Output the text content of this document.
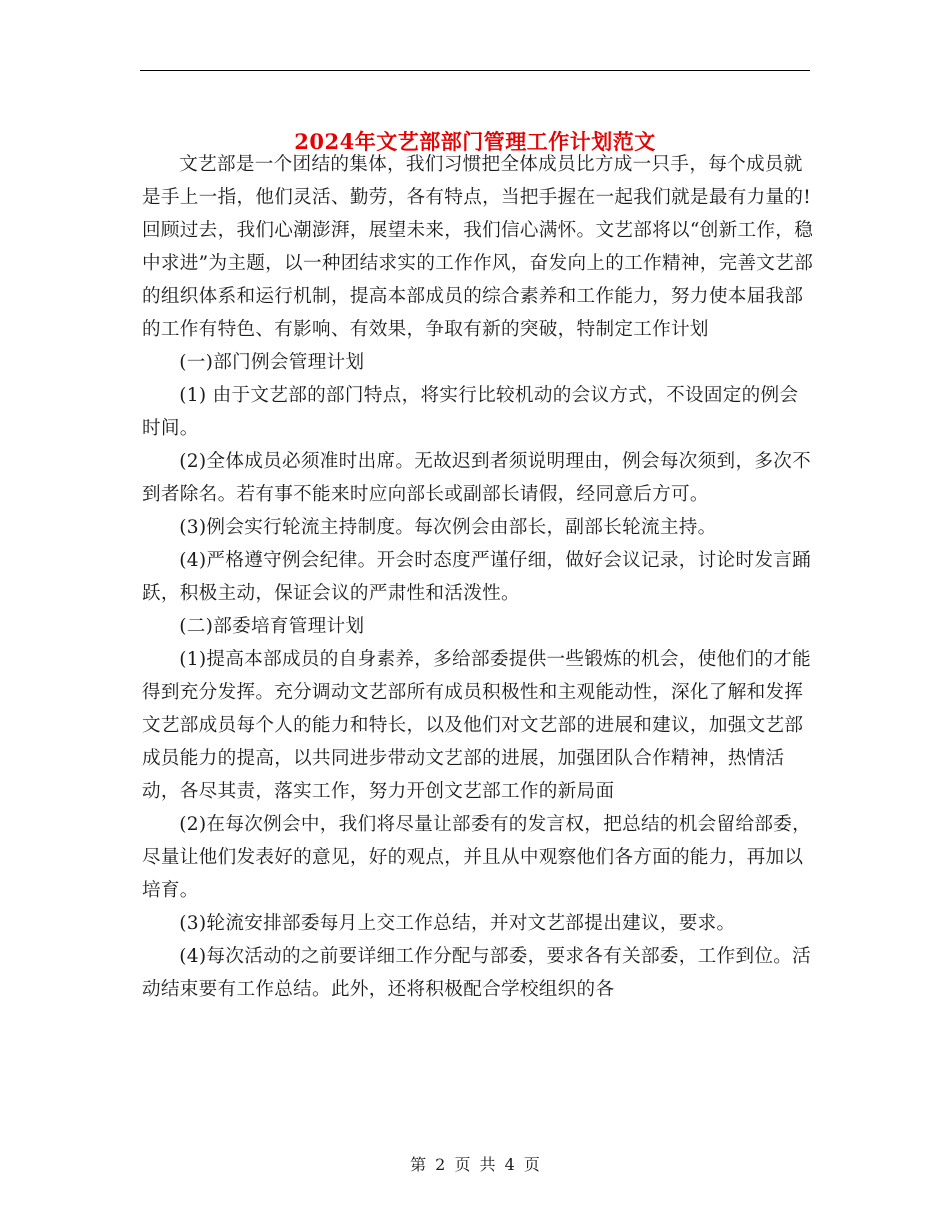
2024年文艺部部门管理工作计划范文

文艺部是一个团结的集体，我们习惯把全体成员比方成一只手，每个成员就是手上一指，他们灵活、勤劳，各有特点，当把手握在一起我们就是最有力量的!回顾过去，我们心潮澎湃，展望未来，我们信心满怀。文艺部将以“创新工作，稳中求进”为主题，以一种团结求实的工作作风，奋发向上的工作精神，完善文艺部的组织体系和运行机制，提高本部成员的综合素养和工作能力，努力使本届我部的工作有特色、有影响、有效果，争取有新的突破，特制定工作计划

(一)部门例会管理计划

(1) 由于文艺部的部门特点，将实行比较机动的会议方式，不设固定的例会时间。

(2)全体成员必须准时出席。无故迟到者须说明理由，例会每次须到，多次不到者除名。若有事不能来时应向部长或副部长请假，经同意后方可。

(3)例会实行轮流主持制度。每次例会由部长，副部长轮流主持。

(4)严格遵守例会纪律。开会时态度严谨仔细，做好会议记录，讨论时发言踊跃，积极主动，保证会议的严肃性和活泼性。

(二)部委培育管理计划

(1)提高本部成员的自身素养，多给部委提供一些锻炼的机会，使他们的才能得到充分发挥。充分调动文艺部所有成员积极性和主观能动性，深化了解和发挥文艺部成员每个人的能力和特长，以及他们对文艺部的进展和建议，加强文艺部成员能力的提高，以共同进步带动文艺部的进展，加强团队合作精神，热情活动，各尽其责，落实工作，努力开创文艺部工作的新局面

(2)在每次例会中，我们将尽量让部委有的发言权，把总结的机会留给部委，尽量让他们发表好的意见，好的观点，并且从中观察他们各方面的能力，再加以培育。

(3)轮流安排部委每月上交工作总结，并对文艺部提出建议，要求。

(4)每次活动的之前要详细工作分配与部委，要求各有关部委，工作到位。活动结束要有工作总结。此外，还将积极配合学校组织的各

第 2 页 共 4 页
